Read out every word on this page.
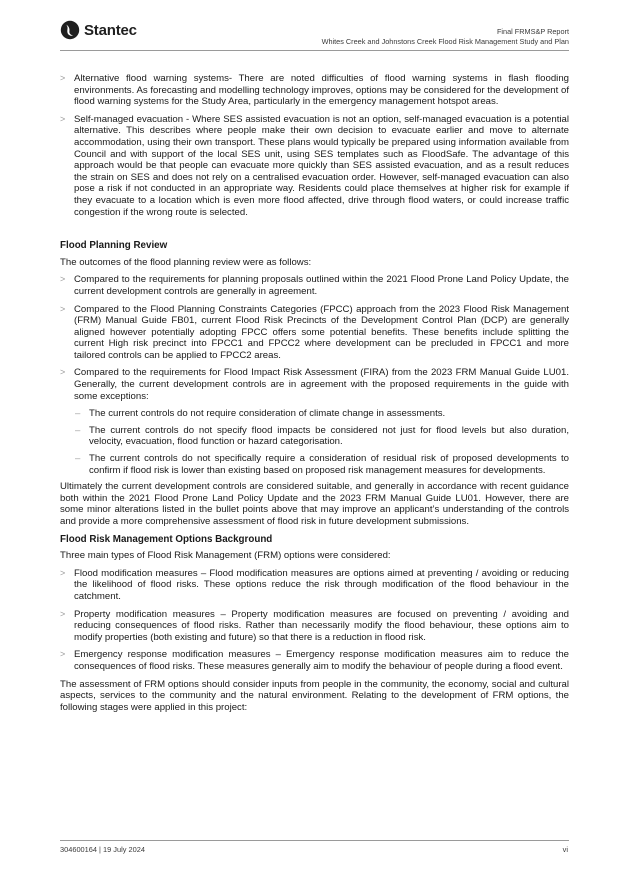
Stantec	Final FRMS&P Report
Whites Creek and Johnstons Creek Flood Risk Management Study and Plan
> Alternative flood warning systems- There are noted difficulties of flood warning systems in flash flooding environments. As forecasting and modelling technology improves, options may be considered for the development of flood warning systems for the Study Area, particularly in the emergency management hotspot areas.
> Self-managed evacuation - Where SES assisted evacuation is not an option, self-managed evacuation is a potential alternative. This describes where people make their own decision to evacuate earlier and move to alternate accommodation, using their own transport. These plans would typically be prepared using information available from Council and with support of the local SES unit, using SES templates such as FloodSafe. The advantage of this approach would be that people can evacuate more quickly than SES assisted evacuation, and as a result reduces the strain on SES and does not rely on a centralised evacuation order. However, self-managed evacuation can also pose a risk if not conducted in an appropriate way. Residents could place themselves at higher risk for example if they evacuate to a location which is even more flood affected, drive through flood waters, or could increase traffic congestion if the wrong route is selected.
Flood Planning Review
The outcomes of the flood planning review were as follows:
> Compared to the requirements for planning proposals outlined within the 2021 Flood Prone Land Policy Update, the current development controls are generally in agreement.
> Compared to the Flood Planning Constraints Categories (FPCC) approach from the 2023 Flood Risk Management (FRM) Manual Guide FB01, current Flood Risk Precincts of the Development Control Plan (DCP) are generally aligned however potentially adopting FPCC offers some potential benefits. These benefits include splitting the current High risk precinct into FPCC1 and FPCC2 where development can be precluded in FPCC1 and more tailored controls can be applied to FPCC2 areas.
> Compared to the requirements for Flood Impact Risk Assessment (FIRA) from the 2023 FRM Manual Guide LU01. Generally, the current development controls are in agreement with the proposed requirements in the guide with some exceptions:
– The current controls do not require consideration of climate change in assessments.
– The current controls do not specify flood impacts be considered not just for flood levels but also duration, velocity, evacuation, flood function or hazard categorisation.
– The current controls do not specifically require a consideration of residual risk of proposed developments to confirm if flood risk is lower than existing based on proposed risk management measures for developments.
Ultimately the current development controls are considered suitable, and generally in accordance with recent guidance both within the 2021 Flood Prone Land Policy Update and the 2023 FRM Manual Guide LU01. However, there are some minor alterations listed in the bullet points above that may improve an applicant’s understanding of the controls and provide a more comprehensive assessment of flood risk in future development submissions.
Flood Risk Management Options Background
Three main types of Flood Risk Management (FRM) options were considered:
> Flood modification measures – Flood modification measures are options aimed at preventing / avoiding or reducing the likelihood of flood risks. These options reduce the risk through modification of the flood behaviour in the catchment.
> Property modification measures – Property modification measures are focused on preventing / avoiding and reducing consequences of flood risks. Rather than necessarily modify the flood behaviour, these options aim to modify properties (both existing and future) so that there is a reduction in flood risk.
> Emergency response modification measures – Emergency response modification measures aim to reduce the consequences of flood risks. These measures generally aim to modify the behaviour of people during a flood event.
The assessment of FRM options should consider inputs from people in the community, the economy, social and cultural aspects, services to the community and the natural environment. Relating to the development of FRM options, the following stages were applied in this project:
304600164 | 19 July 2024	vi
